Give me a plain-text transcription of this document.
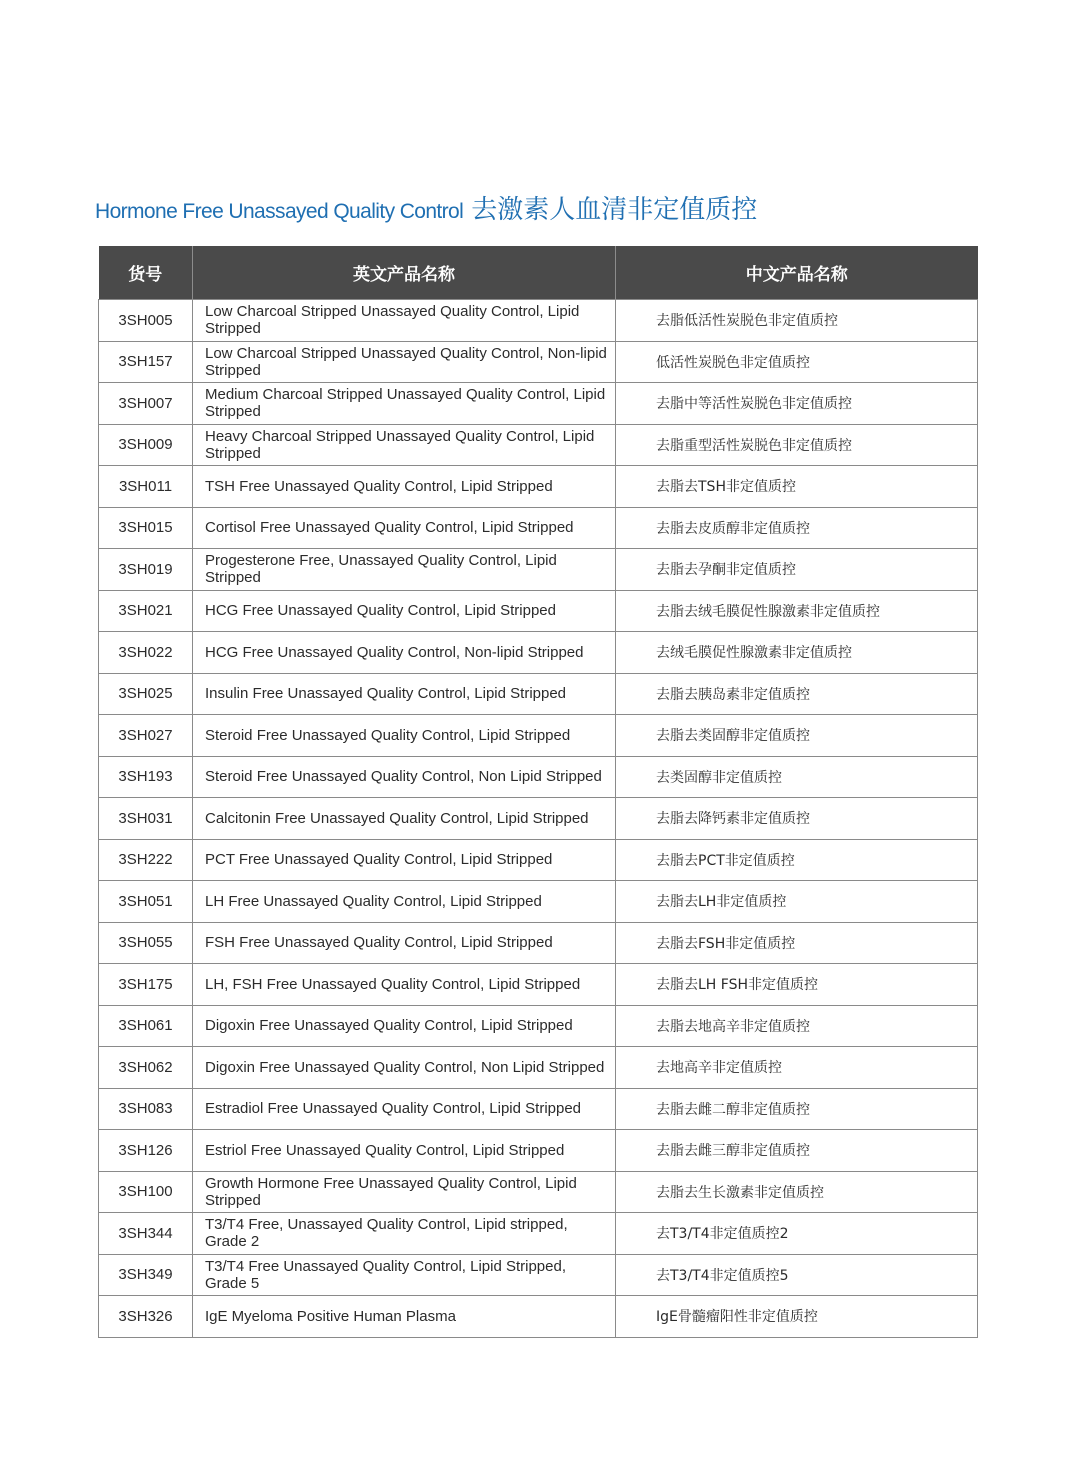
Hormone Free Unassayed Quality Control 去激素人血清非定值质控
货号	英文产品名称	中文产品名称
3SH005	Low Charcoal Stripped Unassayed Quality Control, Lipid Stripped	去脂低活性炭脱色非定值质控
3SH157	Low Charcoal Stripped Unassayed Quality Control, Non-lipid Stripped	低活性炭脱色非定值质控
3SH007	Medium Charcoal Stripped Unassayed Quality Control, Lipid Stripped	去脂中等活性炭脱色非定值质控
3SH009	Heavy Charcoal Stripped Unassayed Quality Control, Lipid Stripped	去脂重型活性炭脱色非定值质控
3SH011	TSH Free Unassayed Quality Control, Lipid Stripped	去脂去TSH非定值质控
3SH015	Cortisol Free Unassayed Quality Control, Lipid Stripped	去脂去皮质醇非定值质控
3SH019	Progesterone Free, Unassayed Quality Control, Lipid Stripped	去脂去孕酮非定值质控
3SH021	HCG Free Unassayed Quality Control, Lipid Stripped	去脂去绒毛膜促性腺激素非定值质控
3SH022	HCG Free Unassayed Quality Control, Non-lipid Stripped	去绒毛膜促性腺激素非定值质控
3SH025	Insulin Free Unassayed Quality Control, Lipid Stripped	去脂去胰岛素非定值质控
3SH027	Steroid Free Unassayed Quality Control, Lipid Stripped	去脂去类固醇非定值质控
3SH193	Steroid Free Unassayed Quality Control, Non Lipid Stripped	去类固醇非定值质控
3SH031	Calcitonin Free Unassayed Quality Control, Lipid Stripped	去脂去降钙素非定值质控
3SH222	PCT Free Unassayed Quality Control, Lipid Stripped	去脂去PCT非定值质控
3SH051	LH Free Unassayed Quality Control, Lipid Stripped	去脂去LH非定值质控
3SH055	FSH Free Unassayed Quality Control, Lipid Stripped	去脂去FSH非定值质控
3SH175	LH, FSH Free Unassayed Quality Control, Lipid Stripped	去脂去LH FSH非定值质控
3SH061	Digoxin Free Unassayed Quality Control, Lipid Stripped	去脂去地高辛非定值质控
3SH062	Digoxin Free Unassayed Quality Control, Non Lipid Stripped	去地高辛非定值质控
3SH083	Estradiol Free Unassayed Quality Control, Lipid Stripped	去脂去雌二醇非定值质控
3SH126	Estriol Free Unassayed Quality Control, Lipid Stripped	去脂去雌三醇非定值质控
3SH100	Growth Hormone Free Unassayed Quality Control, Lipid Stripped	去脂去生长激素非定值质控
3SH344	T3/T4 Free, Unassayed Quality Control, Lipid stripped, Grade 2	去T3/T4非定值质控2
3SH349	T3/T4 Free Unassayed Quality Control, Lipid Stripped, Grade 5	去T3/T4非定值质控5
3SH326	IgE Myeloma Positive Human Plasma	IgE骨髓瘤阳性非定值质控
